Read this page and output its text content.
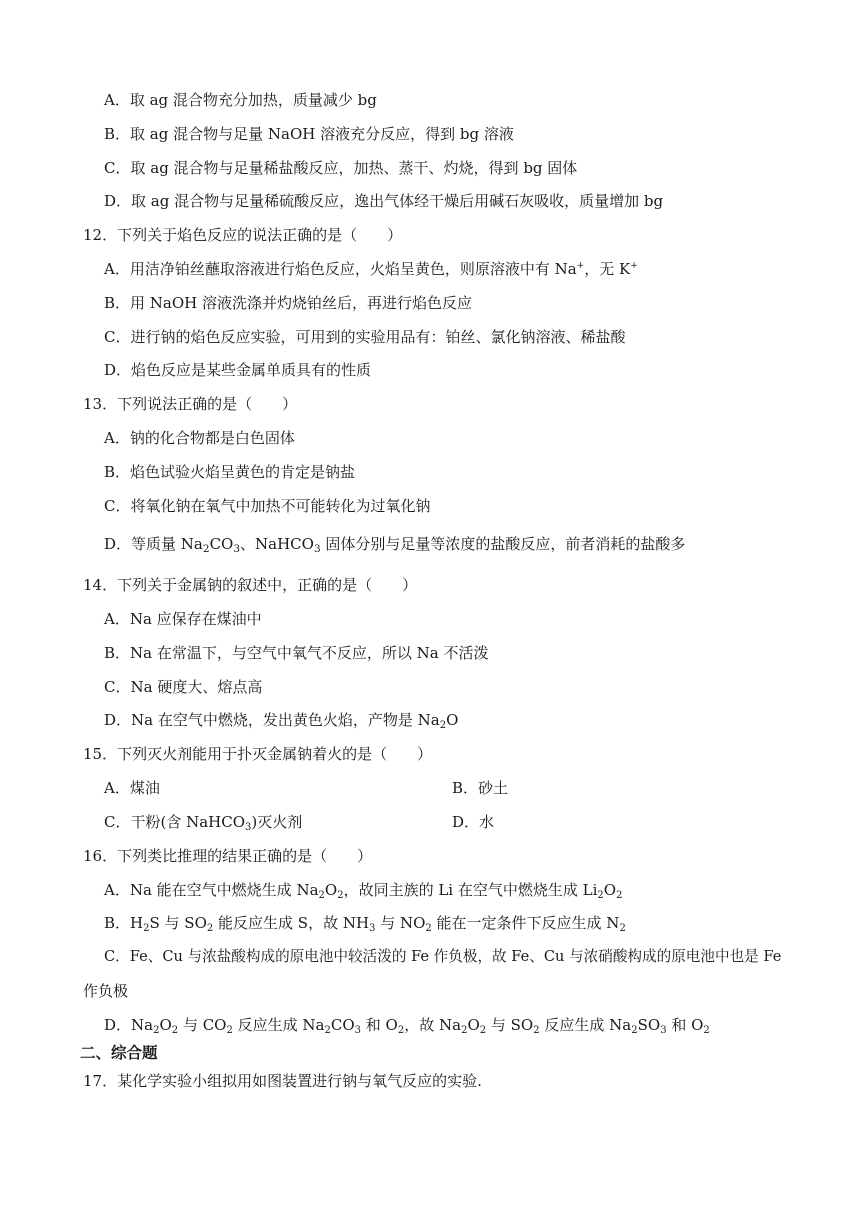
A．取 ag 混合物充分加热，质量减少 bg
B．取 ag 混合物与足量 NaOH 溶液充分反应，得到 bg 溶液
C．取 ag 混合物与足量稀盐酸反应，加热、蒸干、灼烧，得到 bg 固体
D．取 ag 混合物与足量稀硫酸反应，逸出气体经干燥后用碱石灰吸收，质量增加 bg
12．下列关于焰色反应的说法正确的是（　　）
A．用洁净铂丝蘸取溶液进行焰色反应，火焰呈黄色，则原溶液中有 Na+，无 K+
B．用 NaOH 溶液洗涤并灼烧铂丝后，再进行焰色反应
C．进行钠的焰色反应实验，可用到的实验用品有：铂丝、氯化钠溶液、稀盐酸
D．焰色反应是某些金属单质具有的性质
13．下列说法正确的是（　　）
A．钠的化合物都是白色固体
B．焰色试验火焰呈黄色的肯定是钠盐
C．将氧化钠在氧气中加热不可能转化为过氧化钠
D．等质量 $Na_2CO_3$、NaHCO$_3$ 固体分别与足量等浓度的盐酸反应，前者消耗的盐酸多
14．下列关于金属钠的叙述中，正确的是（　　）
A．Na 应保存在煤油中
B．Na 在常温下，与空气中氧气不反应，所以 Na 不活泼
C．Na 硬度大、熔点高
D．Na 在空气中燃烧，发出黄色火焰，产物是 $Na_2O$
15．下列灭火剂能用于扑灭金属钠着火的是（　　）
A．煤油	B．砂土
C．干粉(含 NaHCO$_3$)灭火剂	D．水
16．下列类比推理的结果正确的是（　　）
A．Na 能在空气中燃烧生成 $Na_2O_2$，故同主族的 Li 在空气中燃烧生成 $Li_2O_2$
B．$H_2S$ 与 $SO_2$ 能反应生成 S，故 $NH_3$ 与 $NO_2$ 能在一定条件下反应生成 $N_2$
C．Fe、Cu 与浓盐酸构成的原电池中较活泼的 Fe 作负极，故 Fe、Cu 与浓硝酸构成的原电池中也是 Fe
作负极
D．$Na_2O_2$ 与 $CO_2$ 反应生成 $Na_2CO_3$ 和 $O_2$，故 $Na_2O_2$ 与 $SO_2$ 反应生成 $Na_2SO_3$ 和 $O_2$
二、综合题
17．某化学实验小组拟用如图装置进行钠与氧气反应的实验.
